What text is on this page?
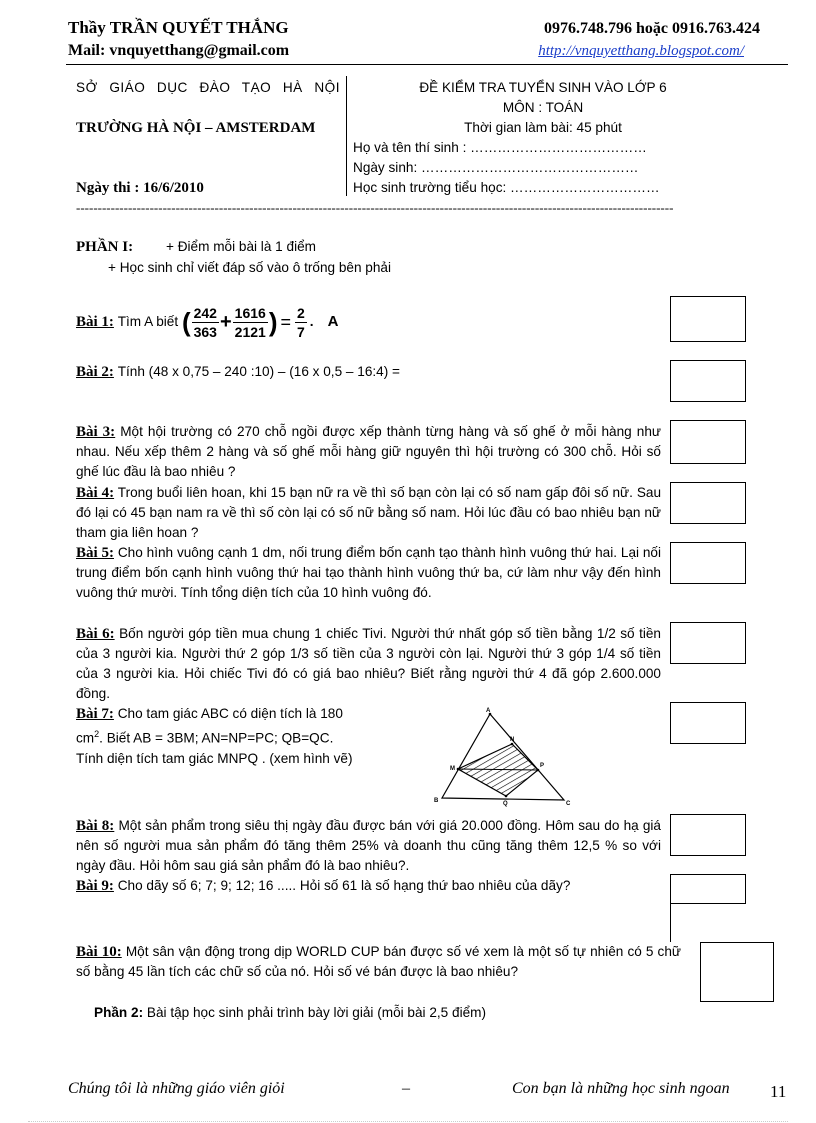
Thầy TRẦN QUYẾT THẮNG	0976.748.796 hoặc 0916.763.424
Mail: vnquyetthang@gmail.com	http://vnquyetthang.blogspot.com/
SỞ GIÁO DỤC ĐÀO TẠO HÀ NỘI
TRƯỜNG HÀ NỘI – AMSTERDAM
Ngày thi : 16/6/2010
ĐỀ KIỂM TRA TUYỂN SINH VÀO LỚP 6
MÔN : TOÁN
Thời gian làm bài: 45 phút
Họ và tên thí sinh : …………………………………
Ngày sinh: …………………………………………
Học sinh trường tiểu học: ……………………………
------------------------------------------------------------------------------------------------------------------------------------------
PHẦN I: + Điểm mỗi bài là 1 điểm
+ Học sinh chỉ viết đáp số vào ô trống bên phải
Bài 1:
Tìm A biết
( $\frac{242}{363} + \frac{1616}{2121}$ ) = $\frac{2}{7}$ . A
Bài 2: Tính (48 x 0,75 – 240 :10) – (16 x 0,5 – 16:4) =
Bài 3: Một hội trường có 270 chỗ ngồi được xếp thành từng hàng và số ghế ở mỗi hàng như nhau. Nếu xếp thêm 2 hàng và số ghế mỗi hàng giữ nguyên thì hội trường có 300 chỗ. Hỏi số ghế lúc đầu là bao nhiêu ?
Bài 4: Trong buổi liên hoan, khi 15 bạn nữ ra về thì số bạn còn lại có số nam gấp đôi số nữ. Sau đó lại có 45 bạn nam ra về thì số còn lại có số nữ bằng số nam. Hỏi lúc đầu có bao nhiêu bạn nữ tham gia liên hoan ?
Bài 5: Cho hình vuông cạnh 1 dm, nối trung điểm bốn cạnh tạo thành hình vuông thứ hai. Lại nối trung điểm bốn cạnh hình vuông thứ hai tạo thành hình vuông thứ ba, cứ làm như vậy đến hình vuông thứ mười. Tính tổng diện tích của 10 hình vuông đó.
Bài 6: Bốn người góp tiền mua chung 1 chiếc Tivi. Người thứ nhất góp số tiền bằng 1/2 số tiền của 3 người kia. Người thứ 2 góp 1/3 số tiền của 3 người còn lại. Người thứ 3 góp 1/4 số tiền của 3 người kia. Hỏi chiếc Tivi đó có giá bao nhiêu? Biết rằng người thứ 4 đã góp 2.600.000 đồng.
Bài 7: Cho tam giác ABC có diện tích là 180
$cm^2$. Biết AB = 3BM; AN=NP=PC; QB=QC.
Tính diện tích tam giác MNPQ . (xem hình vẽ)
A
B	C
M
N
P
Q
Bài 8: Một sản phẩm trong siêu thị ngày đầu được bán với giá 20.000 đồng. Hôm sau do hạ giá nên số người mua sản phẩm đó tăng thêm 25% và doanh thu cũng tăng thêm 12,5 % so với ngày đầu. Hỏi hôm sau giá sản phẩm đó là bao nhiêu?.
Bài 9: Cho dãy số 6; 7; 9; 12; 16 ..... Hỏi số 61 là số hạng thứ bao nhiêu của dãy?
Bài 10: Một sân vận động trong dịp WORLD CUP bán được số vé xem là một số tự nhiên có 5 chữ số bằng 45 lần tích các chữ số của nó. Hỏi số vé bán được là bao nhiêu?
Phần 2: Bài tập học sinh phải trình bày lời giải (mỗi bài 2,5 điểm)
Chúng tôi là những giáo viên giỏi	–	Con bạn là những học sinh ngoan 11
